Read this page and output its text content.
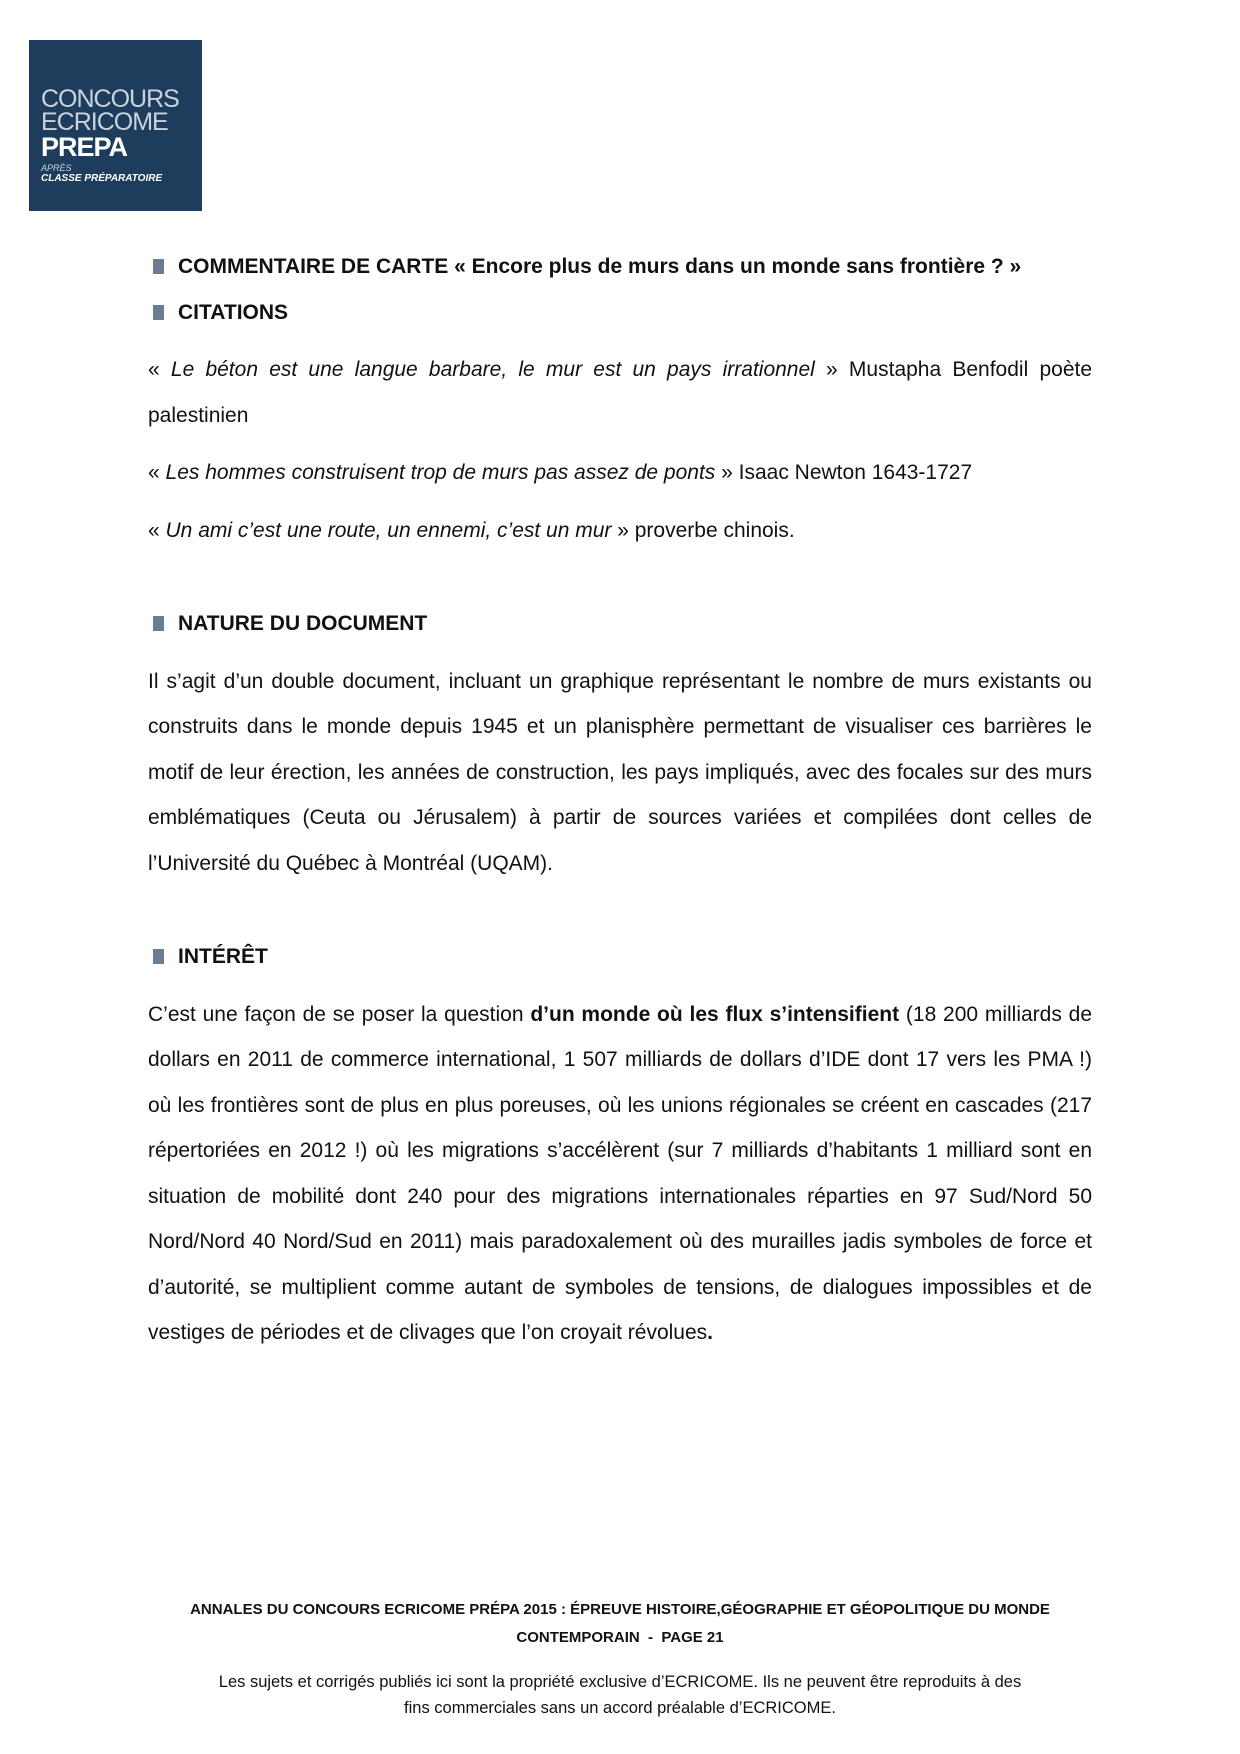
CONCOURS
ECRICOME
PREPA
APRÈS
CLASSE PRÉPARATOIRE
COMMENTAIRE DE CARTE « Encore plus de murs dans un monde sans frontière ? »
CITATIONS
« Le béton est une langue barbare, le mur est un pays irrationnel » Mustapha Benfodil poète palestinien
« Les hommes construisent trop de murs pas assez de ponts » Isaac Newton 1643-1727
« Un ami c’est une route, un ennemi, c’est un mur » proverbe chinois.
NATURE DU DOCUMENT
Il s’agit d’un double document, incluant un graphique représentant le nombre de murs existants ou construits dans le monde depuis 1945 et un planisphère permettant de visualiser ces barrières le motif de leur érection, les années de construction, les pays impliqués, avec des focales sur des murs emblématiques (Ceuta ou Jérusalem) à partir de sources variées et compilées dont celles de l’Université du Québec à Montréal (UQAM).
INTÉRÊT
C’est une façon de se poser la question d’un monde où les flux s’intensifient (18 200 milliards de dollars en 2011 de commerce international, 1 507 milliards de dollars d’IDE dont 17 vers les PMA !) où les frontières sont de plus en plus poreuses, où les unions régionales se créent en cascades (217 répertoriées en 2012 !) où les migrations s’accélèrent (sur 7 milliards d’habitants 1 milliard sont en situation de mobilité dont 240 pour des migrations internationales réparties en 97 Sud/Nord 50 Nord/Nord 40 Nord/Sud en 2011) mais paradoxalement où des murailles jadis symboles de force et d’autorité, se multiplient comme autant de symboles de tensions, de dialogues impossibles et de vestiges de périodes et de clivages que l’on croyait révolues.
ANNALES DU CONCOURS ECRICOME PRÉPA 2015 : ÉPREUVE HISTOIRE,GÉOGRAPHIE ET GÉOPOLITIQUE DU MONDE
CONTEMPORAIN  -  PAGE 21
Les sujets et corrigés publiés ici sont la propriété exclusive d’ECRICOME. Ils ne peuvent être reproduits à des
fins commerciales sans un accord préalable d’ECRICOME.
